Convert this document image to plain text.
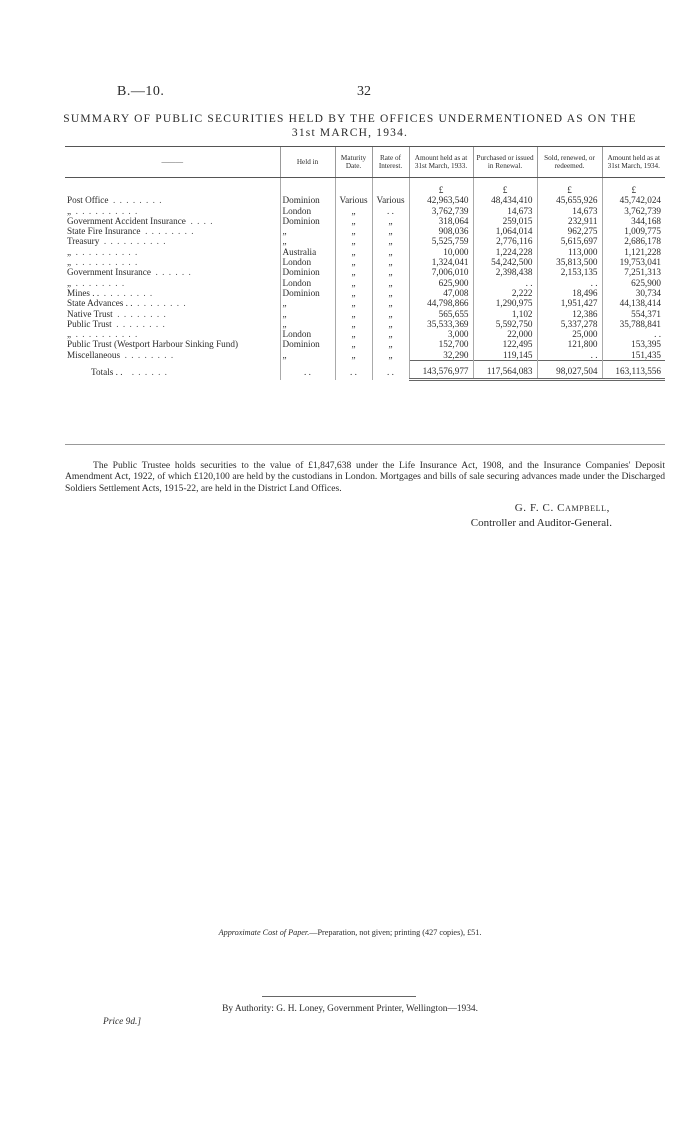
B.—10.	32
SUMMARY OF PUBLIC SECURITIES HELD BY THE OFFICES UNDERMENTIONED AS ON THE
31st MARCH, 1934.
———	Held in	Maturity Date.	Rate of Interest.	Amount held as at 31st March, 1933.	Purchased or issued in Renewal.	Sold, renewed, or redeemed.	Amount held as at 31st March, 1934.
				£	£	£	£
Post Office . . . . . . . .	Dominion	Various	Various	42,963,540	48,434,410	45,655,926	45,742,024
„ . . . . . . . . . .	London	„	. .	3,762,739	14,673	14,673	3,762,739
Government Accident Insurance . . . .	Dominion	„	„	318,064	259,015	232,911	344,168
State Fire Insurance . . . . . . . .	„	„	„	908,036	1,064,014	962,275	1,009,775
Treasury . . . . . . . . . .	„	„	„	5,525,759	2,776,116	5,615,697	2,686,178
„ . . . . . . . . . .	Australia	„	„	10,000	1,224,228	113,000	1,121,228
„ . . . . . . . . . .	London	„	„	1,324,041	54,242,500	35,813,500	19,753,041
Government Insurance . . . . . .	Dominion	„	„	7,006,010	2,398,438	2,153,135	7,251,313
„ . . . . . . . .	London	„	„	625,900	. .	. .	625,900
Mines . . . . . . . . . .	Dominion	„	„	47,008	2,222	18,496	30,734
State Advances . . . . . . . . . .	„	„	„	44,798,866	1,290,975	1,951,427	44,138,414
Native Trust . . . . . . . .	„	„	„	565,655	1,102	12,386	554,371
Public Trust . . . . . . . .	„	„	„	35,533,369	5,592,750	5,337,278	35,788,841
„ . . . . . . . . . .	London	„	„	3,000	22,000	25,000	. .
Public Trust (Westport Harbour Sinking Fund)	Dominion	„	„	152,700	122,495	121,800	153,395
Miscellaneous . . . . . . . .	„	„	„	32,290	119,145	. .	151,435
Totals . . . . . . . .	. .	. .	. .	143,576,977	117,564,083	98,027,504	163,113,556
The Public Trustee holds securities to the value of £1,847,638 under the Life Insurance Act, 1908, and the Insurance Companies' Deposit Amendment Act, 1922, of which £120,100 are held by the custodians in London. Mortgages and bills of sale securing advances made under the Discharged Soldiers Settlement Acts, 1915-22, are held in the District Land Offices.
G. F. C. Campbell,
Controller and Auditor-General.
Approximate Cost of Paper.—Preparation, not given; printing (427 copies), £51.
By Authority: G. H. Loney, Government Printer, Wellington—1934.
Price 9d.]
